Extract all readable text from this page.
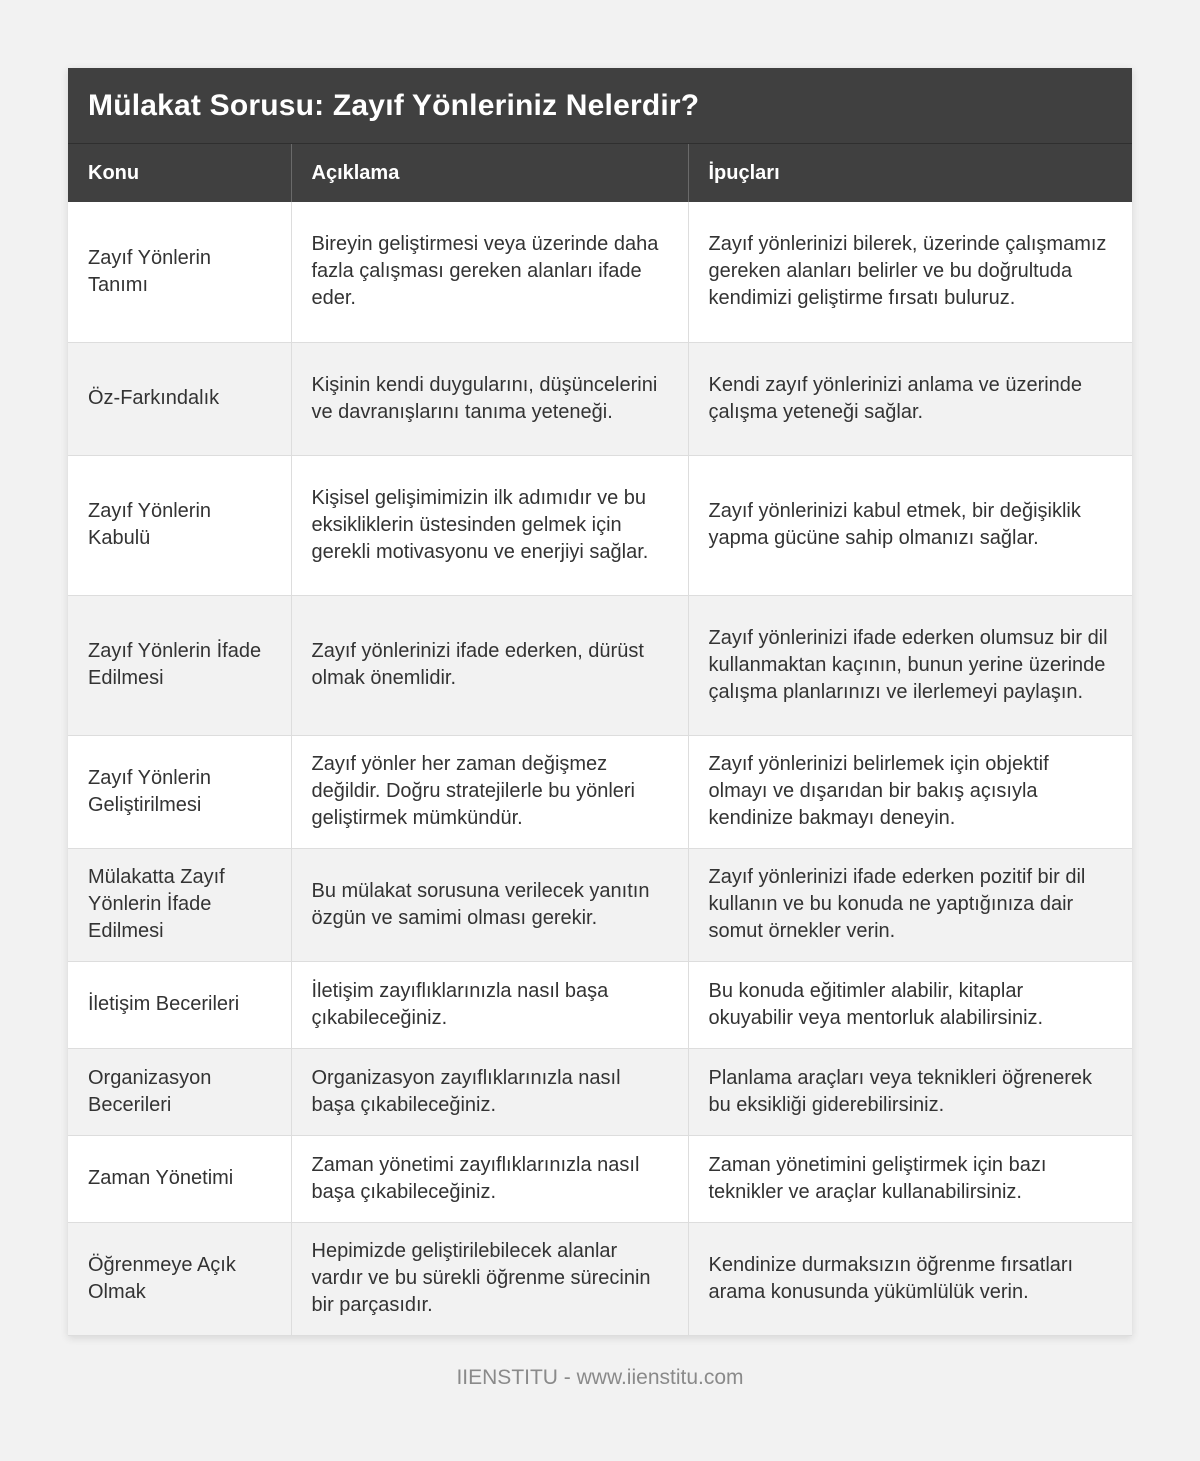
Mülakat Sorusu: Zayıf Yönleriniz Nelerdir?
Konu	Açıklama	İpuçları
Zayıf Yönlerin Tanımı	Bireyin geliştirmesi veya üzerinde daha fazla çalışması gereken alanları ifade eder.	Zayıf yönlerinizi bilerek, üzerinde çalışmamız gereken alanları belirler ve bu doğrultuda kendimizi geliştirme fırsatı buluruz.
Öz-Farkındalık	Kişinin kendi duygularını, düşüncelerini ve davranışlarını tanıma yeteneği.	Kendi zayıf yönlerinizi anlama ve üzerinde çalışma yeteneği sağlar.
Zayıf Yönlerin Kabulü	Kişisel gelişimimizin ilk adımıdır ve bu eksikliklerin üstesinden gelmek için gerekli motivasyonu ve enerjiyi sağlar.	Zayıf yönlerinizi kabul etmek, bir değişiklik yapma gücüne sahip olmanızı sağlar.
Zayıf Yönlerin İfade Edilmesi	Zayıf yönlerinizi ifade ederken, dürüst olmak önemlidir.	Zayıf yönlerinizi ifade ederken olumsuz bir dil kullanmaktan kaçının, bunun yerine üzerinde çalışma planlarınızı ve ilerlemeyi paylaşın.
Zayıf Yönlerin Geliştirilmesi	Zayıf yönler her zaman değişmez değildir. Doğru stratejilerle bu yönleri geliştirmek mümkündür.	Zayıf yönlerinizi belirlemek için objektif olmayı ve dışarıdan bir bakış açısıyla kendinize bakmayı deneyin.
Mülakatta Zayıf Yönlerin İfade Edilmesi	Bu mülakat sorusuna verilecek yanıtın özgün ve samimi olması gerekir.	Zayıf yönlerinizi ifade ederken pozitif bir dil kullanın ve bu konuda ne yaptığınıza dair somut örnekler verin.
İletişim Becerileri	İletişim zayıflıklarınızla nasıl başa çıkabileceğiniz.	Bu konuda eğitimler alabilir, kitaplar okuyabilir veya mentorluk alabilirsiniz.
Organizasyon Becerileri	Organizasyon zayıflıklarınızla nasıl başa çıkabileceğiniz.	Planlama araçları veya teknikleri öğrenerek bu eksikliği giderebilirsiniz.
Zaman Yönetimi	Zaman yönetimi zayıflıklarınızla nasıl başa çıkabileceğiniz.	Zaman yönetimini geliştirmek için bazı teknikler ve araçlar kullanabilirsiniz.
Öğrenmeye Açık Olmak	Hepimizde geliştirilebilecek alanlar vardır ve bu sürekli öğrenme sürecinin bir parçasıdır.	Kendinize durmaksızın öğrenme fırsatları arama konusunda yükümlülük verin.
IIENSTITU - www.iienstitu.com
